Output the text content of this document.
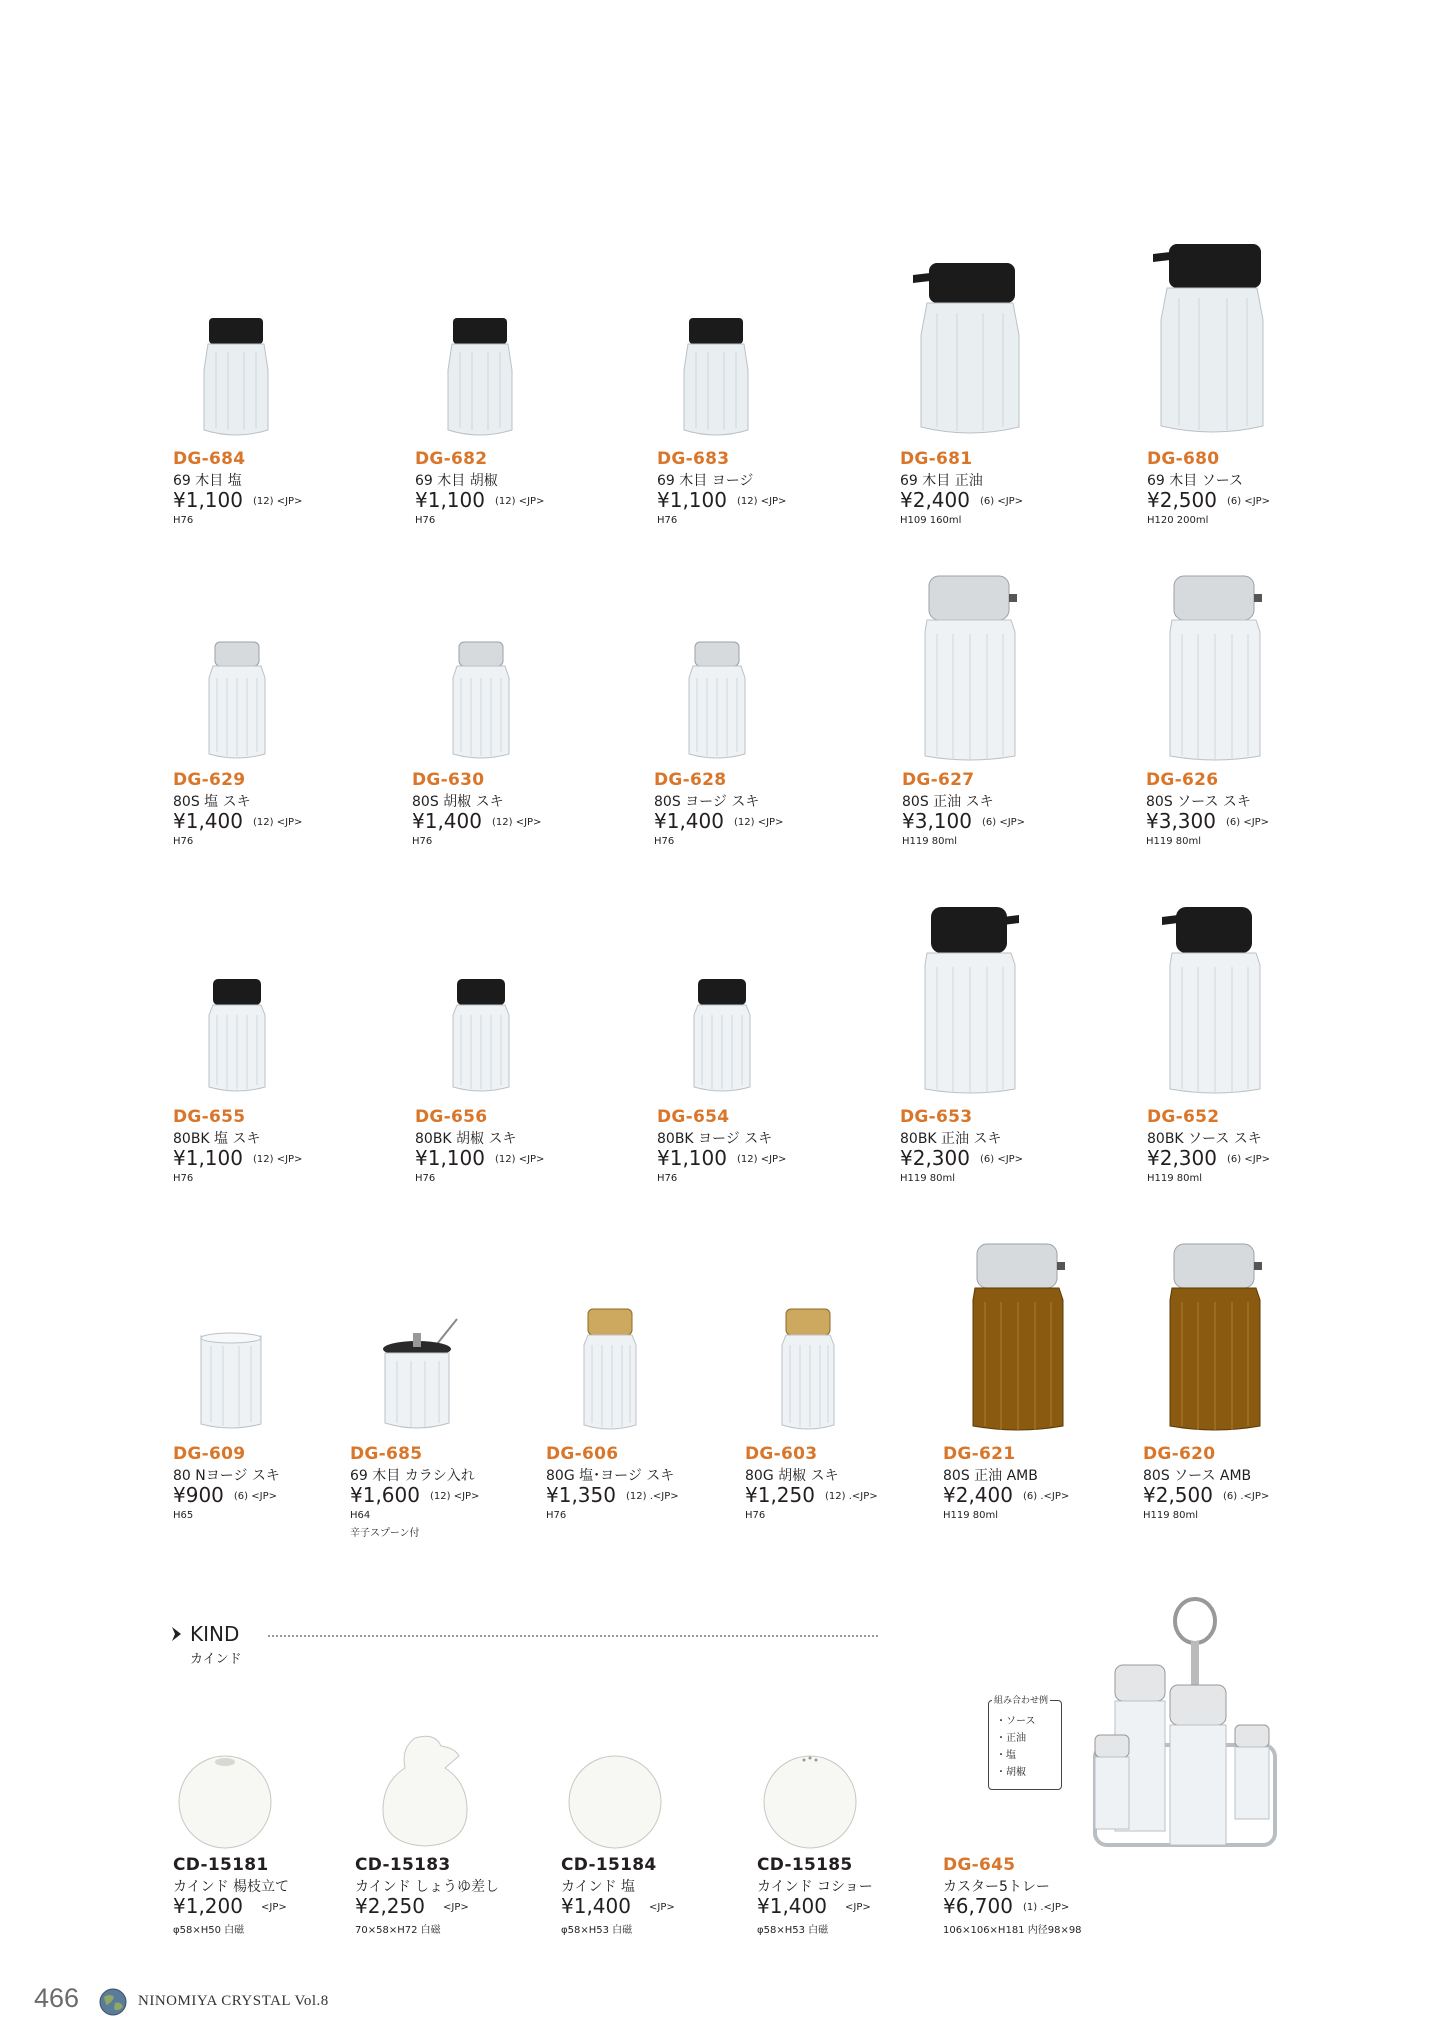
DG-684
69 木目 塩
¥1,100 (12) <JP>
H76
DG-682
69 木目 胡椒
¥1,100 (12) <JP>
H76
DG-683
69 木目 ヨージ
¥1,100 (12) <JP>
H76
DG-681
69 木目 正油
¥2,400 (6) <JP>
H109 160ml
DG-680
69 木目 ソース
¥2,500 (6) <JP>
H120 200ml
DG-629
80S 塩 スキ
¥1,400 (12) <JP>
H76
DG-630
80S 胡椒 スキ
¥1,400 (12) <JP>
H76
DG-628
80S ヨージ スキ
¥1,400 (12) <JP>
H76
DG-627
80S 正油 スキ
¥3,100 (6) <JP>
H119 80ml
DG-626
80S ソース スキ
¥3,300 (6) <JP>
H119 80ml
DG-655
80BK 塩 スキ
¥1,100 (12) <JP>
H76
DG-656
80BK 胡椒 スキ
¥1,100 (12) <JP>
H76
DG-654
80BK ヨージ スキ
¥1,100 (12) <JP>
H76
DG-653
80BK 正油 スキ
¥2,300 (6) <JP>
H119 80ml
DG-652
80BK ソース スキ
¥2,300 (6) <JP>
H119 80ml
DG-609
80 Nヨージ スキ
¥900 (6) <JP>
H65
DG-685
69 木目 カラシ入れ
¥1,600 (12) <JP>
H64
辛子スプーン付
DG-606
80G 塩･ヨージ スキ
¥1,350 (12) .<JP>
H76
DG-603
80G 胡椒 スキ
¥1,250 (12) .<JP>
H76
DG-621
80S 正油 AMB
¥2,400 (6) .<JP>
H119 80ml
DG-620
80S ソース AMB
¥2,500 (6) .<JP>
H119 80ml
KIND
カインド
組み合わせ例
・ソース
・正油
・塩
・胡椒
CD-15181
カインド 楊枝立て
¥1,200 <JP>
φ58×H50 白磁
CD-15183
カインド しょうゆ差し
¥2,250 <JP>
70×58×H72 白磁
CD-15184
カインド 塩
¥1,400 <JP>
φ58×H53 白磁
CD-15185
カインド コショー
¥1,400 <JP>
φ58×H53 白磁
DG-645
カスター5トレー
¥6,700 (1) .<JP>
106×106×H181 内径98×98
466	NINOMIYA CRYSTAL Vol.8
